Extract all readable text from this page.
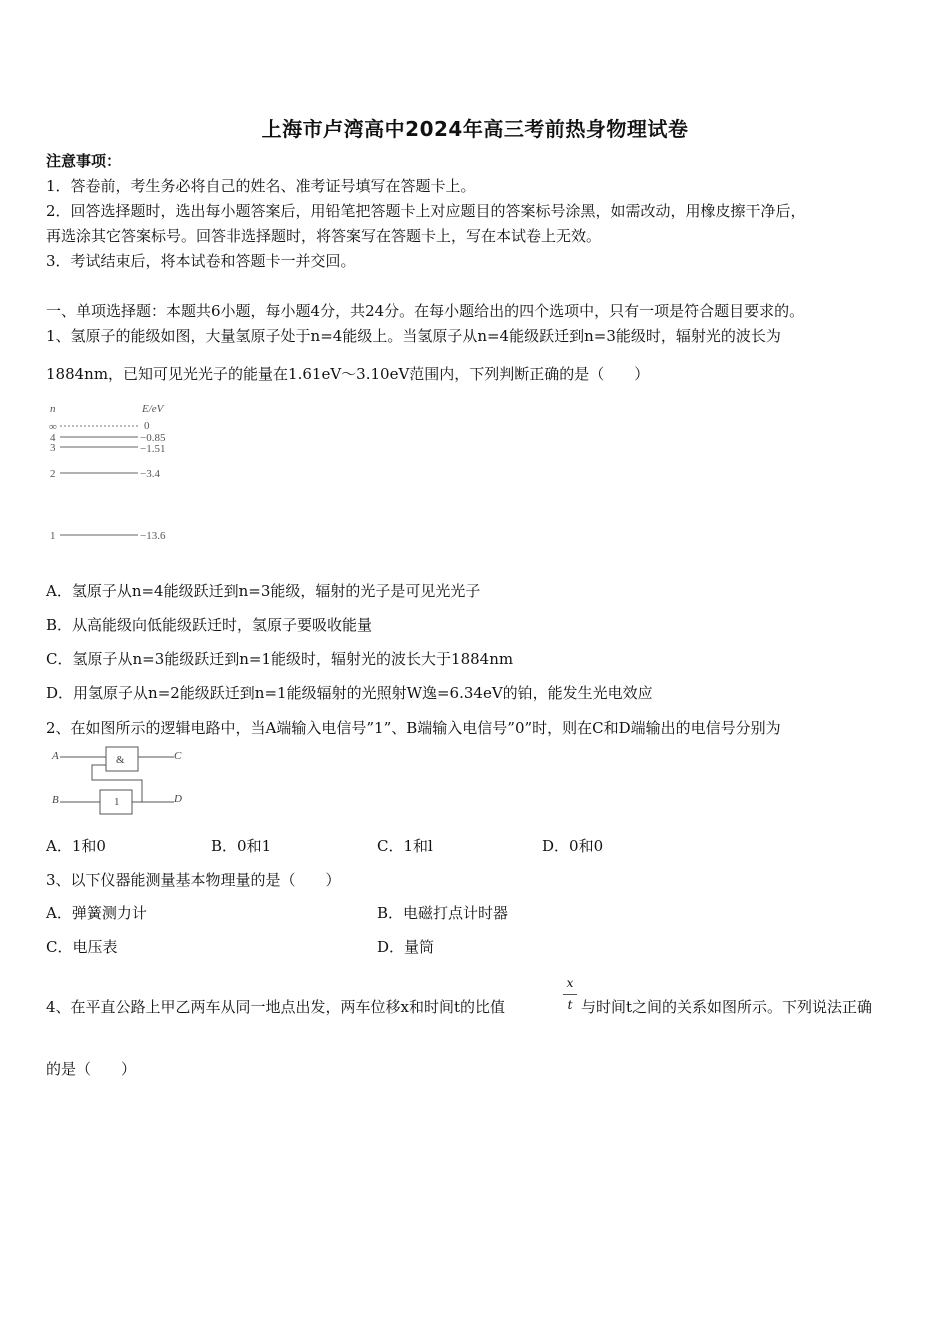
上海市卢湾高中2024年高三考前热身物理试卷
注意事项：
1．答卷前，考生务必将自己的姓名、准考证号填写在答题卡上。
2．回答选择题时，选出每小题答案后，用铅笔把答题卡上对应题目的答案标号涂黑，如需改动，用橡皮擦干净后，
再选涂其它答案标号。回答非选择题时，将答案写在答题卡上，写在本试卷上无效。
3．考试结束后，将本试卷和答题卡一并交回。
一、单项选择题：本题共6小题，每小题4分，共24分。在每小题给出的四个选项中，只有一项是符合题目要求的。
1、氢原子的能级如图，大量氢原子处于n=4能级上。当氢原子从n=4能级跃迁到n=3能级时，辐射光的波长为
1884nm，已知可见光光子的能量在1.61eV～3.10eV范围内，下列判断正确的是（　　）
n	E/eV
∞
4
3
2
1
0
−0.85
−1.51
−3.4
−13.6
A．氢原子从n=4能级跃迁到n=3能级，辐射的光子是可见光光子
B．从高能级向低能级跃迁时，氢原子要吸收能量
C．氢原子从n=3能级跃迁到n=1能级时，辐射光的波长大于1884nm
D．用氢原子从n=2能级跃迁到n=1能级辐射的光照射W逸=6.34eV的铂，能发生光电效应
2、在如图所示的逻辑电路中，当A端输入电信号”1”、B端输入电信号”0”时，则在C和D端输出的电信号分别为
A
B
C
D
&
1
A．1和0	B．0和1	C．1和l	D．0和0
3、以下仪器能测量基本物理量的是（　　）
A．弹簧测力计	B．电磁打点计时器
C．电压表	D．量筒
4、在平直公路上甲乙两车从同一地点出发，两车位移x和时间t的比值
x
t 与时间t之间的关系如图所示。下列说法正确
的是（　　）
